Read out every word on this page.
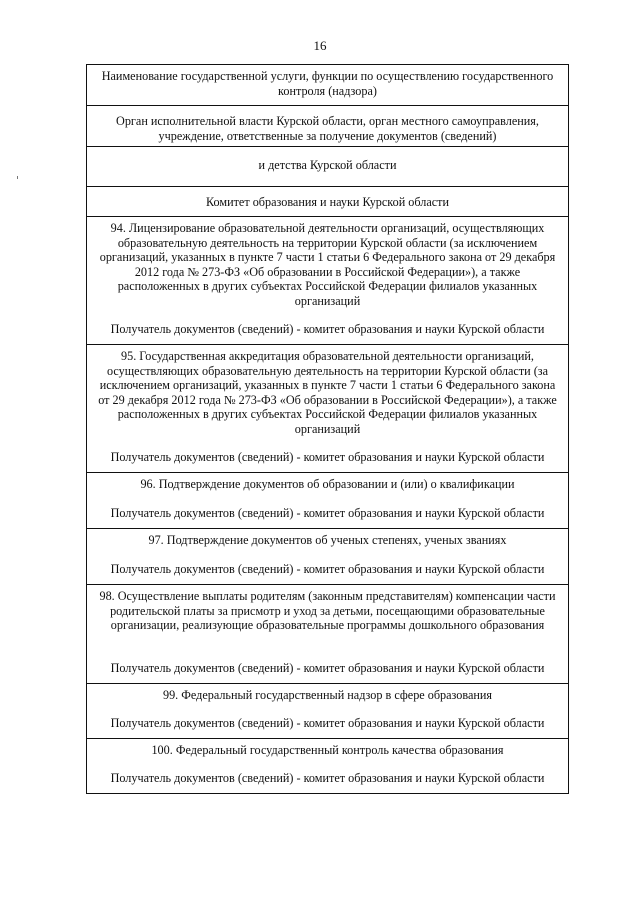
16
Наименование государственной услуги, функции по осуществлению государственного контроля (надзора)
Орган исполнительной власти Курской области, орган местного самоуправления, учреждение, ответственные за получение документов (сведений)
и детства Курской области
Комитет образования и науки Курской области
94. Лицензирование образовательной деятельности организаций, осуществляющих образовательную деятельность на территории Курской области (за исключением организаций, указанных в пункте 7 части 1 статьи 6 Федерального закона от 29 декабря 2012 года № 273-ФЗ «Об образовании в Российской Федерации»), а также расположенных в других субъектах Российской Федерации филиалов указанных организаций
Получатель документов (сведений) - комитет образования и науки Курской области
95. Государственная аккредитация образовательной деятельности организаций, осуществляющих образовательную деятельность на территории Курской области (за исключением организаций, указанных в пункте 7 части 1 статьи 6 Федерального закона от 29 декабря 2012 года № 273-ФЗ «Об образовании в Российской Федерации»), а также расположенных в других субъектах Российской Федерации филиалов указанных организаций
Получатель документов (сведений) - комитет образования и науки Курской области
96. Подтверждение документов об образовании и (или) о квалификации
Получатель документов (сведений) - комитет образования и науки Курской области
97. Подтверждение документов об ученых степенях, ученых званиях
Получатель документов (сведений) - комитет образования и науки Курской области
98. Осуществление выплаты родителям (законным представителям) компенсации части родительской платы за присмотр и уход за детьми, посещающими образовательные организации, реализующие образовательные программы дошкольного образования
Получатель документов (сведений) - комитет образования и науки Курской области
99. Федеральный государственный надзор в сфере образования
Получатель документов (сведений) - комитет образования и науки Курской области
100. Федеральный государственный контроль качества образования
Получатель документов (сведений) - комитет образования и науки Курской области
